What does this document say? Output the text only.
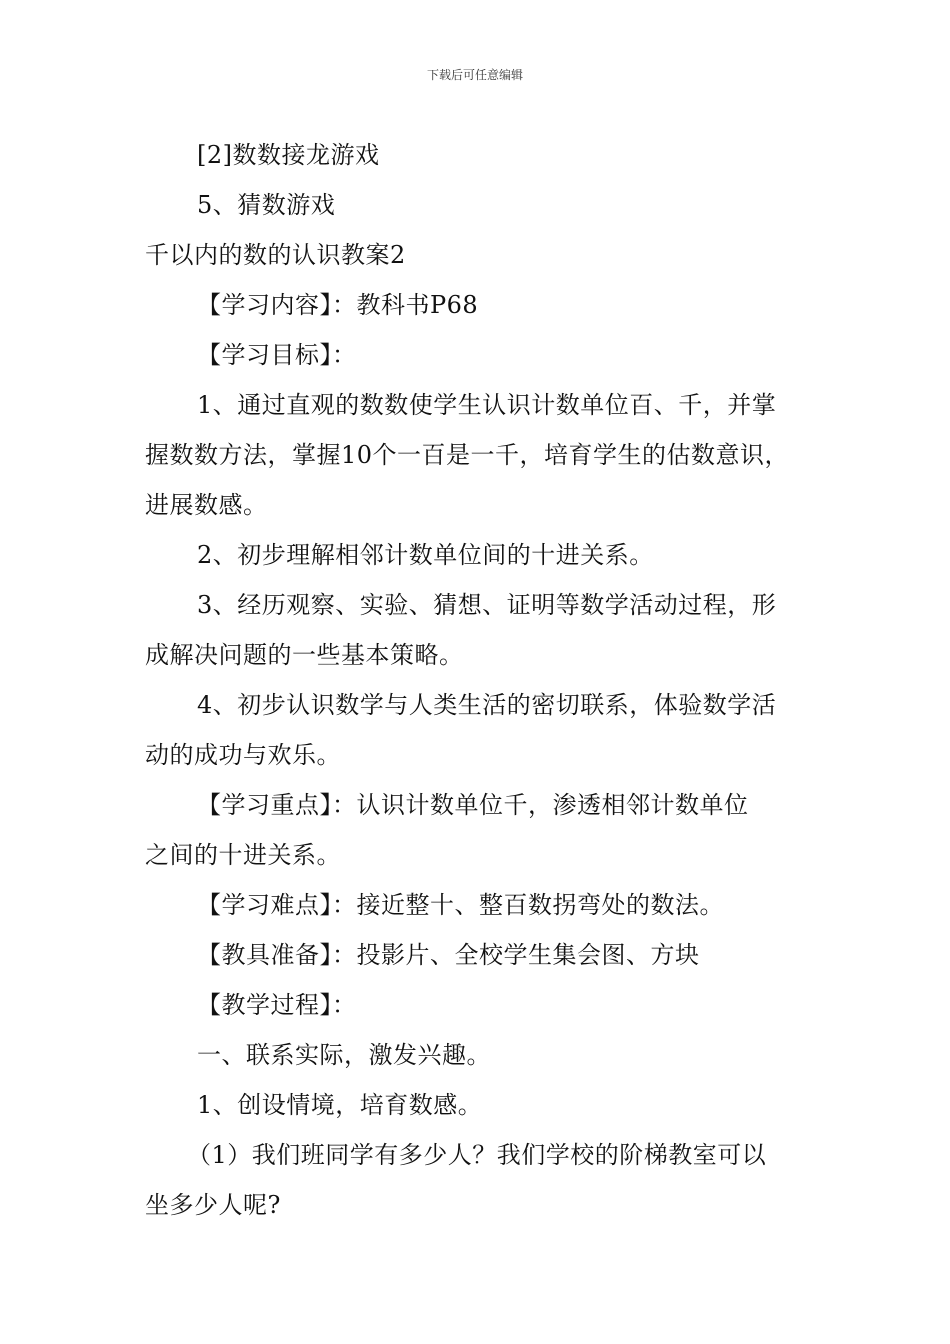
下载后可任意编辑
[2]数数接龙游戏
5、猜数游戏
千以内的数的认识教案2
【学习内容】：教科书P68
【学习目标】：
1、通过直观的数数使学生认识计数单位百、千，并掌
握数数方法，掌握10个一百是一千，培育学生的估数意识，
进展数感。
2、初步理解相邻计数单位间的十进关系。
3、经历观察、实验、猜想、证明等数学活动过程，形
成解决问题的一些基本策略。
4、初步认识数学与人类生活的密切联系，体验数学活
动的成功与欢乐。
【学习重点】：认识计数单位千，渗透相邻计数单位
之间的十进关系。
【学习难点】：接近整十、整百数拐弯处的数法。
【教具准备】：投影片、全校学生集会图、方块
【教学过程】：
一、联系实际，激发兴趣。
1、创设情境，培育数感。
（1）我们班同学有多少人？我们学校的阶梯教室可以
坐多少人呢?
